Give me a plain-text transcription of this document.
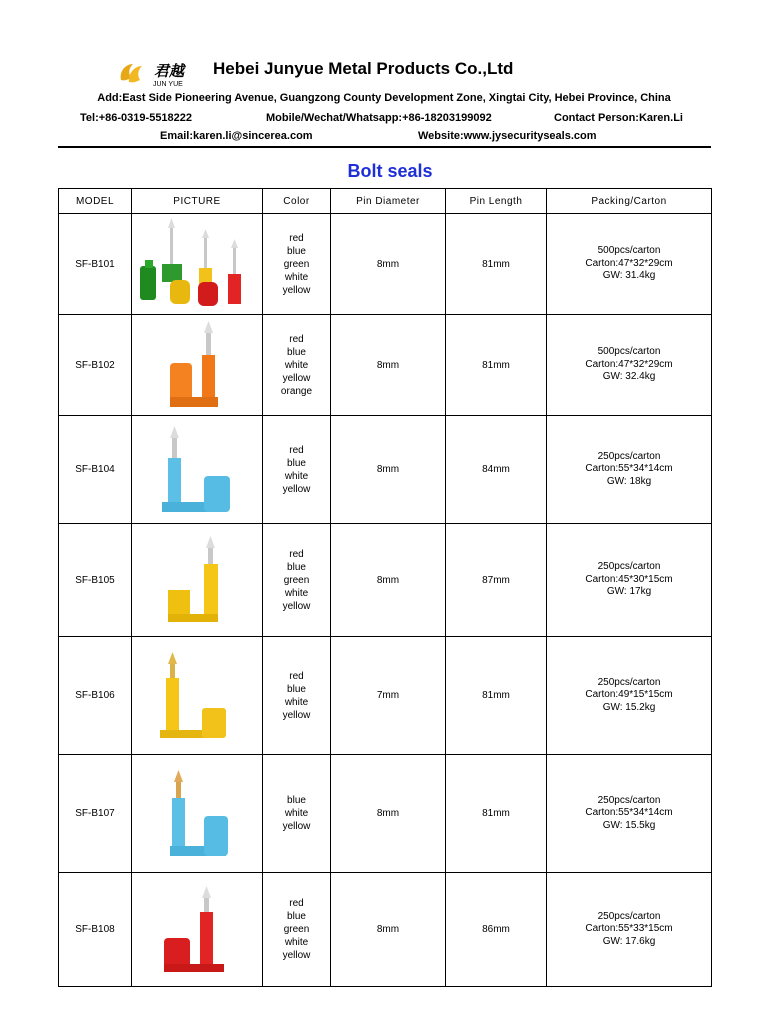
君越
JUN YUE
Hebei Junyue Metal Products Co.,Ltd
Add:East Side Pioneering Avenue, Guangzong County Development Zone, Xingtai City, Hebei Province, China
Tel:+86-0319-5518222	Mobile/Wechat/Whatsapp:+86-18203199092	Contact Person:Karen.Li
Email:karen.li@sincerea.com	Website:www.jysecurityseals.com
Bolt seals
MODEL	PICTURE	Color	Pin Diameter	Pin Length	Packing/Carton
SF-B101		red
blue
green
white
yellow	8mm	81mm	500pcs/carton
Carton:47*32*29cm
GW: 31.4kg

SF-B102		red
blue
white
yellow
orange	8mm	81mm	500pcs/carton
Carton:47*32*29cm
GW: 32.4kg

SF-B104		red
blue
white
yellow	8mm	84mm	250pcs/carton
Carton:55*34*14cm
GW: 18kg

SF-B105		red
blue
green
white
yellow	8mm	87mm	250pcs/carton
Carton:45*30*15cm
GW: 17kg

SF-B106		red
blue
white
yellow	7mm	81mm	250pcs/carton
Carton:49*15*15cm
GW: 15.2kg

SF-B107		blue
white
yellow	8mm	81mm	250pcs/carton
Carton:55*34*14cm
GW: 15.5kg

SF-B108		red
blue
green
white
yellow	8mm	86mm	250pcs/carton
Carton:55*33*15cm
GW: 17.6kg
